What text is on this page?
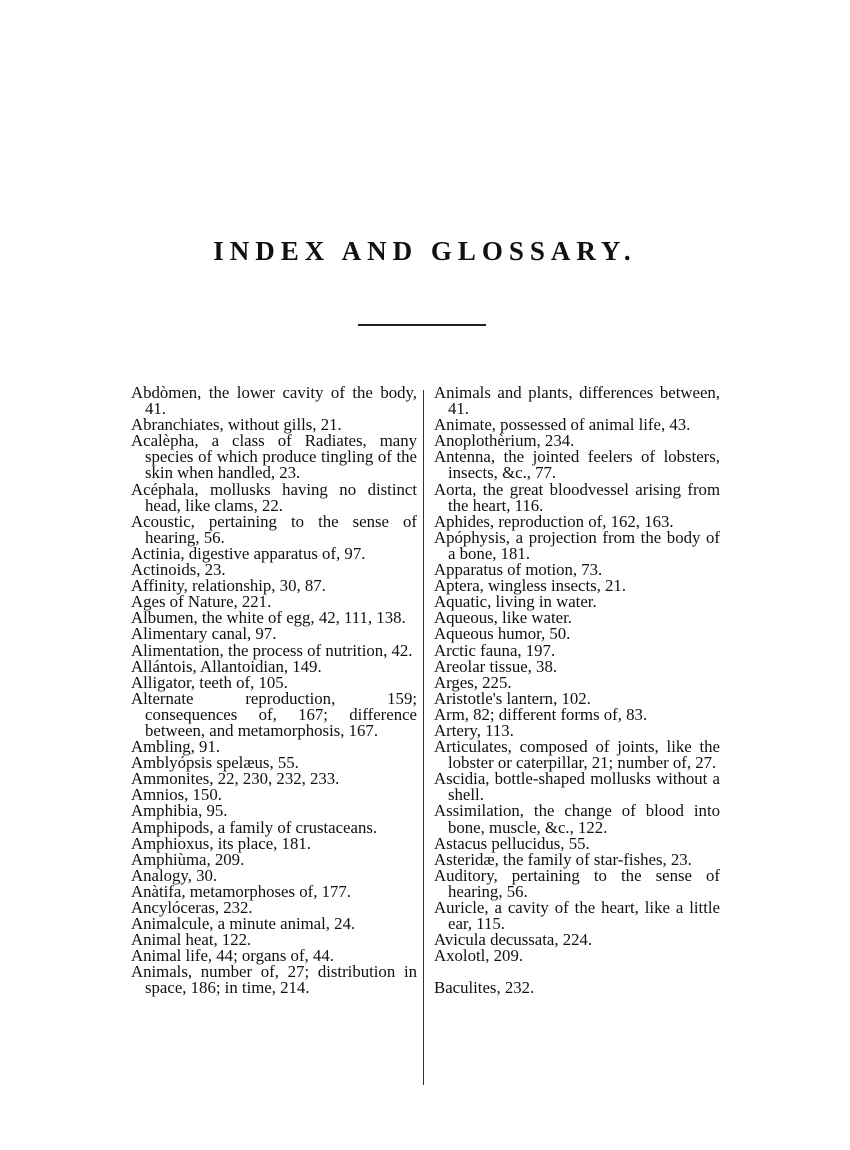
INDEX AND GLOSSARY.

Abdòmen, the lower cavity of the body, 41.

Abranchiates, without gills, 21.

Acalèpha, a class of Radiates, many species of which produce tingling of the skin when handled, 23.

Acéphala, mollusks having no distinct head, like clams, 22.

Acoustic, pertaining to the sense of hearing, 56.

Actinia, digestive apparatus of, 97.

Actinoids, 23.

Affinity, relationship, 30, 87.

Ages of Nature, 221.

Albumen, the white of egg, 42, 111, 138.

Alimentary canal, 97.

Alimentation, the process of nutrition, 42.

Allántois, Allantoidian, 149.

Alligator, teeth of, 105.

Alternate reproduction, 159; consequences of, 167; difference between, and metamorphosis, 167.

Ambling, 91.

Amblyópsis spelæus, 55.

Ammonites, 22, 230, 232, 233.

Amnios, 150.

Amphibia, 95.

Amphipods, a family of crustaceans.

Amphioxus, its place, 181.

Amphiùma, 209.

Analogy, 30.

Anàtifa, metamorphoses of, 177.

Ancylóceras, 232.

Animalcule, a minute animal, 24.

Animal heat, 122.

Animal life, 44; organs of, 44.

Animals, number of, 27; distribution in space, 186; in time, 214.

Animals and plants, differences between, 41.

Animate, possessed of animal life, 43.

Anoplothèrium, 234.

Antenna, the jointed feelers of lobsters, insects, &c., 77.

Aorta, the great bloodvessel arising from the heart, 116.

Aphides, reproduction of, 162, 163.

Apóphysis, a projection from the body of a bone, 181.

Apparatus of motion, 73.

Aptera, wingless insects, 21.

Aquatic, living in water.

Aqueous, like water.

Aqueous humor, 50.

Arctic fauna, 197.

Areolar tissue, 38.

Arges, 225.

Aristotle's lantern, 102.

Arm, 82; different forms of, 83.

Artery, 113.

Articulates, composed of joints, like the lobster or caterpillar, 21; number of, 27.

Ascidia, bottle-shaped mollusks without a shell.

Assimilation, the change of blood into bone, muscle, &c., 122.

Astacus pellucidus, 55.

Asteridæ, the family of star-fishes, 23.

Auditory, pertaining to the sense of hearing, 56.

Auricle, a cavity of the heart, like a little ear, 115.

Avicula decussata, 224.

Axolotl, 209.

Baculites, 232.
